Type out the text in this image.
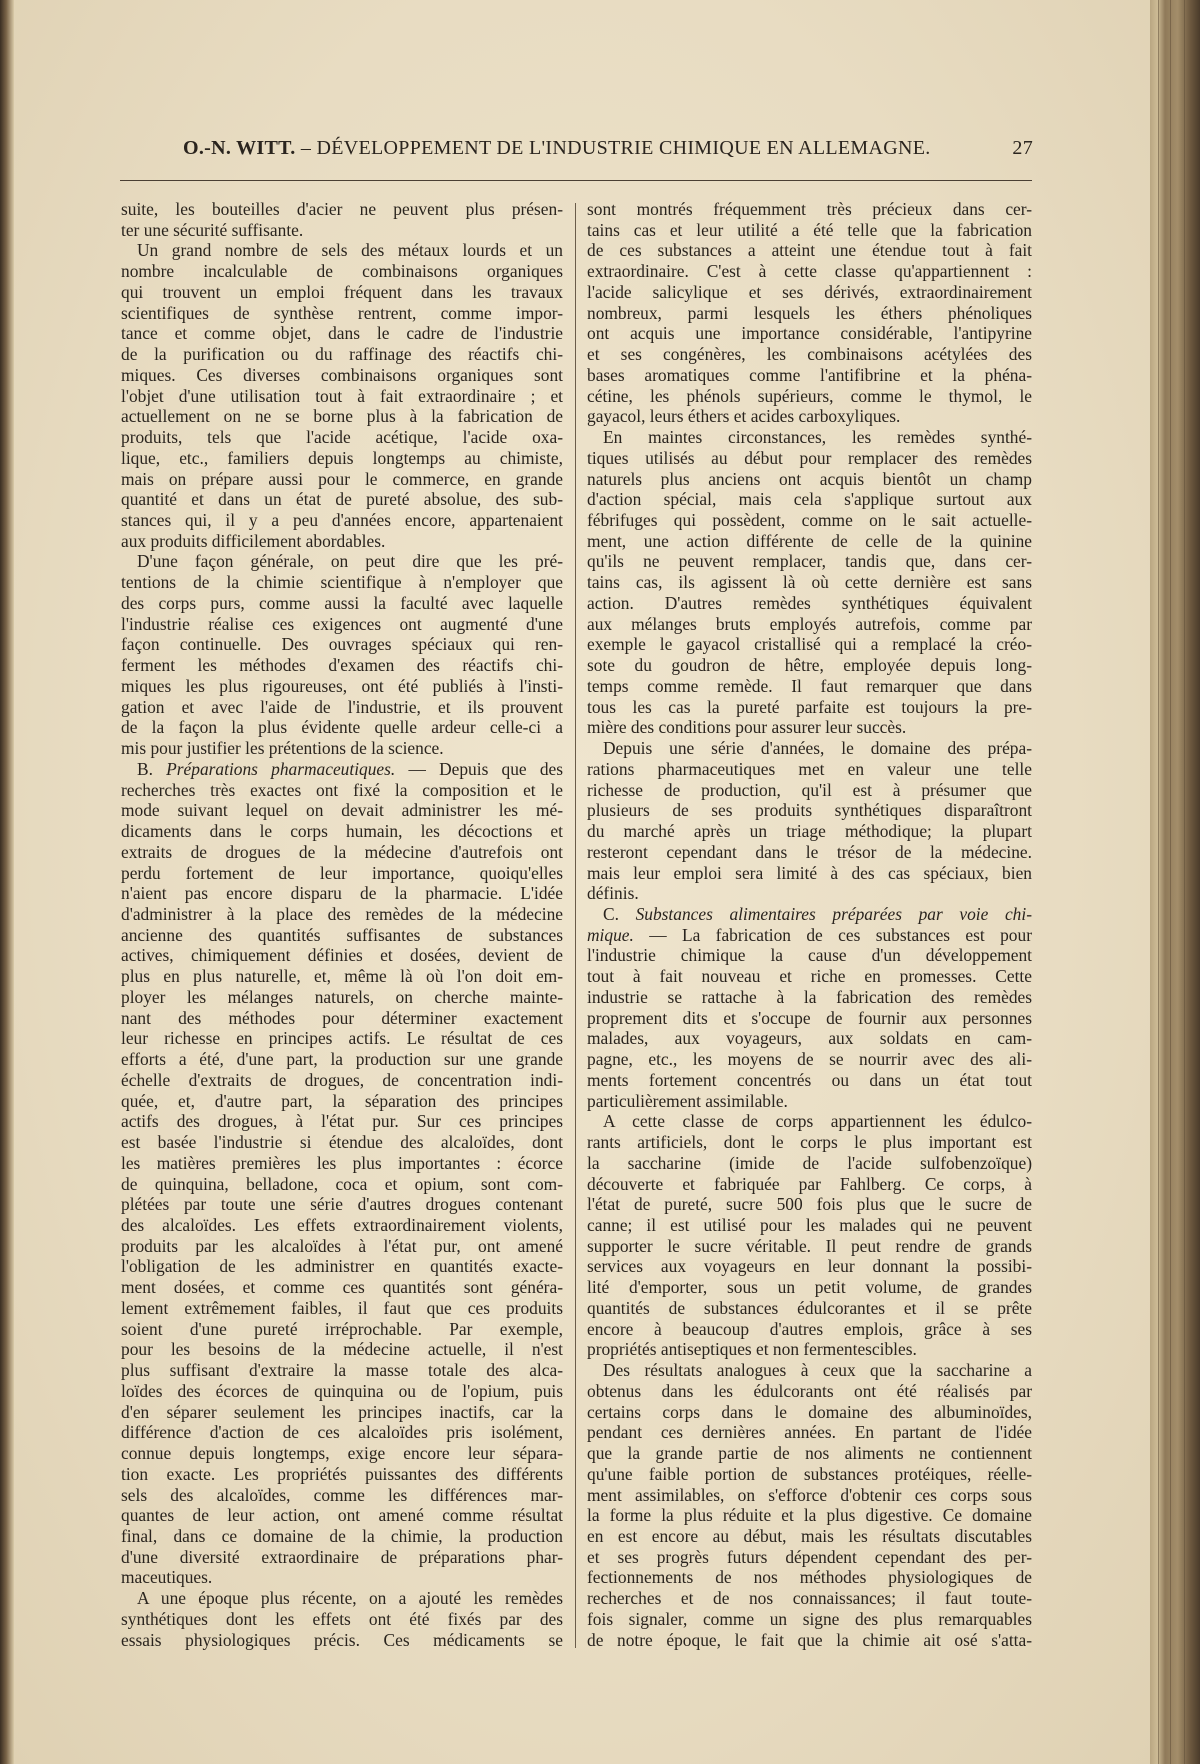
O.-N. WITT. – DÉVELOPPEMENT DE L'INDUSTRIE CHIMIQUE EN ALLEMAGNE.	27
suite, les bouteilles d'acier ne peuvent plus présen-
ter une sécurité suffisante.
Un grand nombre de sels des métaux lourds et un
nombre incalculable de combinaisons organiques
qui trouvent un emploi fréquent dans les travaux
scientifiques de synthèse rentrent, comme impor-
tance et comme objet, dans le cadre de l'industrie
de la purification ou du raffinage des réactifs chi-
miques. Ces diverses combinaisons organiques sont
l'objet d'une utilisation tout à fait extraordinaire ; et
actuellement on ne se borne plus à la fabrication de
produits, tels que l'acide acétique, l'acide oxa-
lique, etc., familiers depuis longtemps au chimiste,
mais on prépare aussi pour le commerce, en grande
quantité et dans un état de pureté absolue, des sub-
stances qui, il y a peu d'années encore, appartenaient
aux produits difficilement abordables.
D'une façon générale, on peut dire que les pré-
tentions de la chimie scientifique à n'employer que
des corps purs, comme aussi la faculté avec laquelle
l'industrie réalise ces exigences ont augmenté d'une
façon continuelle. Des ouvrages spéciaux qui ren-
ferment les méthodes d'examen des réactifs chi-
miques les plus rigoureuses, ont été publiés à l'insti-
gation et avec l'aide de l'industrie, et ils prouvent
de la façon la plus évidente quelle ardeur celle-ci a
mis pour justifier les prétentions de la science.
B. Préparations pharmaceutiques. — Depuis que des
recherches très exactes ont fixé la composition et le
mode suivant lequel on devait administrer les mé-
dicaments dans le corps humain, les décoctions et
extraits de drogues de la médecine d'autrefois ont
perdu fortement de leur importance, quoiqu'elles
n'aient pas encore disparu de la pharmacie. L'idée
d'administrer à la place des remèdes de la médecine
ancienne des quantités suffisantes de substances
actives, chimiquement définies et dosées, devient de
plus en plus naturelle, et, même là où l'on doit em-
ployer les mélanges naturels, on cherche mainte-
nant des méthodes pour déterminer exactement
leur richesse en principes actifs. Le résultat de ces
efforts a été, d'une part, la production sur une grande
échelle d'extraits de drogues, de concentration indi-
quée, et, d'autre part, la séparation des principes
actifs des drogues, à l'état pur. Sur ces principes
est basée l'industrie si étendue des alcaloïdes, dont
les matières premières les plus importantes : écorce
de quinquina, belladone, coca et opium, sont com-
plétées par toute une série d'autres drogues contenant
des alcaloïdes. Les effets extraordinairement violents,
produits par les alcaloïdes à l'état pur, ont amené
l'obligation de les administrer en quantités exacte-
ment dosées, et comme ces quantités sont généra-
lement extrêmement faibles, il faut que ces produits
soient d'une pureté irréprochable. Par exemple,
pour les besoins de la médecine actuelle, il n'est
plus suffisant d'extraire la masse totale des alca-
loïdes des écorces de quinquina ou de l'opium, puis
d'en séparer seulement les principes inactifs, car la
différence d'action de ces alcaloïdes pris isolément,
connue depuis longtemps, exige encore leur sépara-
tion exacte. Les propriétés puissantes des différents
sels des alcaloïdes, comme les différences mar-
quantes de leur action, ont amené comme résultat
final, dans ce domaine de la chimie, la production
d'une diversité extraordinaire de préparations phar-
maceutiques.
A une époque plus récente, on a ajouté les remèdes
synthétiques dont les effets ont été fixés par des
essais physiologiques précis. Ces médicaments se
sont montrés fréquemment très précieux dans cer-
tains cas et leur utilité a été telle que la fabrication
de ces substances a atteint une étendue tout à fait
extraordinaire. C'est à cette classe qu'appartiennent :
l'acide salicylique et ses dérivés, extraordinairement
nombreux, parmi lesquels les éthers phénoliques
ont acquis une importance considérable, l'antipyrine
et ses congénères, les combinaisons acétylées des
bases aromatiques comme l'antifibrine et la phéna-
cétine, les phénols supérieurs, comme le thymol, le
gayacol, leurs éthers et acides carboxyliques.
En maintes circonstances, les remèdes synthé-
tiques utilisés au début pour remplacer des remèdes
naturels plus anciens ont acquis bientôt un champ
d'action spécial, mais cela s'applique surtout aux
fébrifuges qui possèdent, comme on le sait actuelle-
ment, une action différente de celle de la quinine
qu'ils ne peuvent remplacer, tandis que, dans cer-
tains cas, ils agissent là où cette dernière est sans
action. D'autres remèdes synthétiques équivalent
aux mélanges bruts employés autrefois, comme par
exemple le gayacol cristallisé qui a remplacé la créo-
sote du goudron de hêtre, employée depuis long-
temps comme remède. Il faut remarquer que dans
tous les cas la pureté parfaite est toujours la pre-
mière des conditions pour assurer leur succès.
Depuis une série d'années, le domaine des prépa-
rations pharmaceutiques met en valeur une telle
richesse de production, qu'il est à présumer que
plusieurs de ses produits synthétiques disparaîtront
du marché après un triage méthodique; la plupart
resteront cependant dans le trésor de la médecine.
mais leur emploi sera limité à des cas spéciaux, bien
définis.
C. Substances alimentaires préparées par voie chi-
mique. — La fabrication de ces substances est pour
l'industrie chimique la cause d'un développement
tout à fait nouveau et riche en promesses. Cette
industrie se rattache à la fabrication des remèdes
proprement dits et s'occupe de fournir aux personnes
malades, aux voyageurs, aux soldats en cam-
pagne, etc., les moyens de se nourrir avec des ali-
ments fortement concentrés ou dans un état tout
particulièrement assimilable.
A cette classe de corps appartiennent les édulco-
rants artificiels, dont le corps le plus important est
la saccharine (imide de l'acide sulfobenzoïque)
découverte et fabriquée par Fahlberg. Ce corps, à
l'état de pureté, sucre 500 fois plus que le sucre de
canne; il est utilisé pour les malades qui ne peuvent
supporter le sucre véritable. Il peut rendre de grands
services aux voyageurs en leur donnant la possibi-
lité d'emporter, sous un petit volume, de grandes
quantités de substances édulcorantes et il se prête
encore à beaucoup d'autres emplois, grâce à ses
propriétés antiseptiques et non fermentescibles.
Des résultats analogues à ceux que la saccharine a
obtenus dans les édulcorants ont été réalisés par
certains corps dans le domaine des albuminoïdes,
pendant ces dernières années. En partant de l'idée
que la grande partie de nos aliments ne contiennent
qu'une faible portion de substances protéiques, réelle-
ment assimilables, on s'efforce d'obtenir ces corps sous
la forme la plus réduite et la plus digestive. Ce domaine
en est encore au début, mais les résultats discutables
et ses progrès futurs dépendent cependant des per-
fectionnements de nos méthodes physiologiques de
recherches et de nos connaissances; il faut toute-
fois signaler, comme un signe des plus remarquables
de notre époque, le fait que la chimie ait osé s'atta-
